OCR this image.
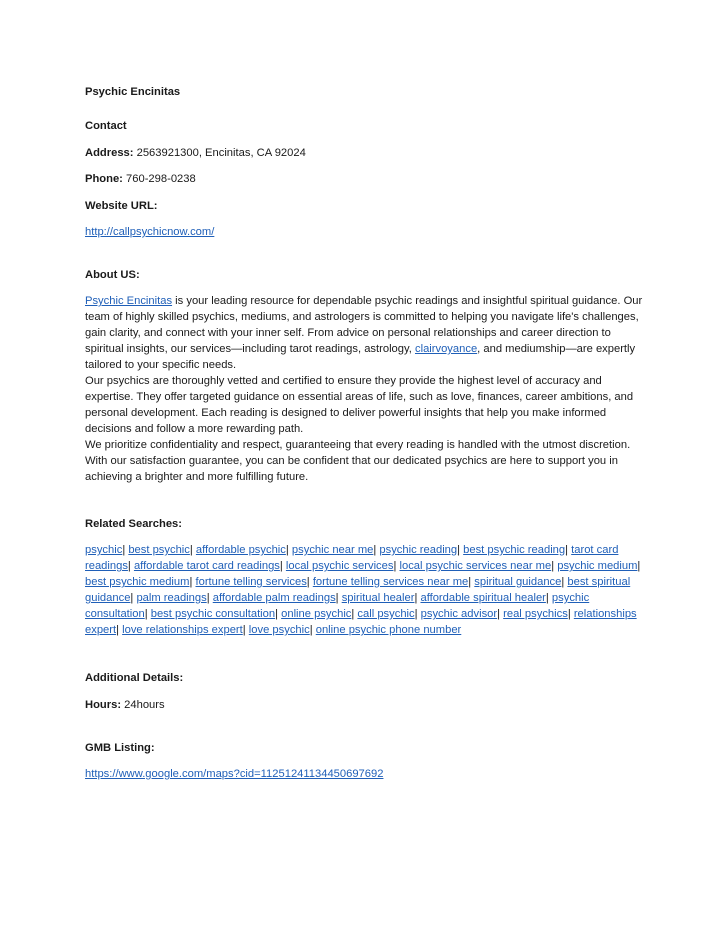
Psychic Encinitas
Contact
Address: 2563921300, Encinitas, CA 92024
Phone: 760-298-0238
Website URL:
http://callpsychicnow.com/
About US:

Psychic Encinitas is your leading resource for dependable psychic readings and insightful spiritual guidance. Our team of highly skilled psychics, mediums, and astrologers is committed to helping you navigate life's challenges, gain clarity, and connect with your inner self. From advice on personal relationships and career direction to spiritual insights, our services—including tarot readings, astrology, clairvoyance, and mediumship—are expertly tailored to your specific needs.

Our psychics are thoroughly vetted and certified to ensure they provide the highest level of accuracy and expertise. They offer targeted guidance on essential areas of life, such as love, finances, career ambitions, and personal development. Each reading is designed to deliver powerful insights that help you make informed decisions and follow a more rewarding path.

We prioritize confidentiality and respect, guaranteeing that every reading is handled with the utmost discretion. With our satisfaction guarantee, you can be confident that our dedicated psychics are here to support you in achieving a brighter and more fulfilling future.

Related Searches:
psychic| best psychic| affordable psychic| psychic near me| psychic reading| best psychic reading| tarot card readings| affordable tarot card readings| local psychic services| local psychic services near me| psychic medium| best psychic medium| fortune telling services| fortune telling services near me| spiritual guidance| best spiritual guidance| palm readings| affordable palm readings| spiritual healer| affordable spiritual healer| psychic consultation| best psychic consultation| online psychic| call psychic| psychic advisor| real psychics| relationships expert| love relationships expert| love psychic| online psychic phone number
Additional Details:
Hours: 24hours
GMB Listing:
https://www.google.com/maps?cid=11251241134450697692
